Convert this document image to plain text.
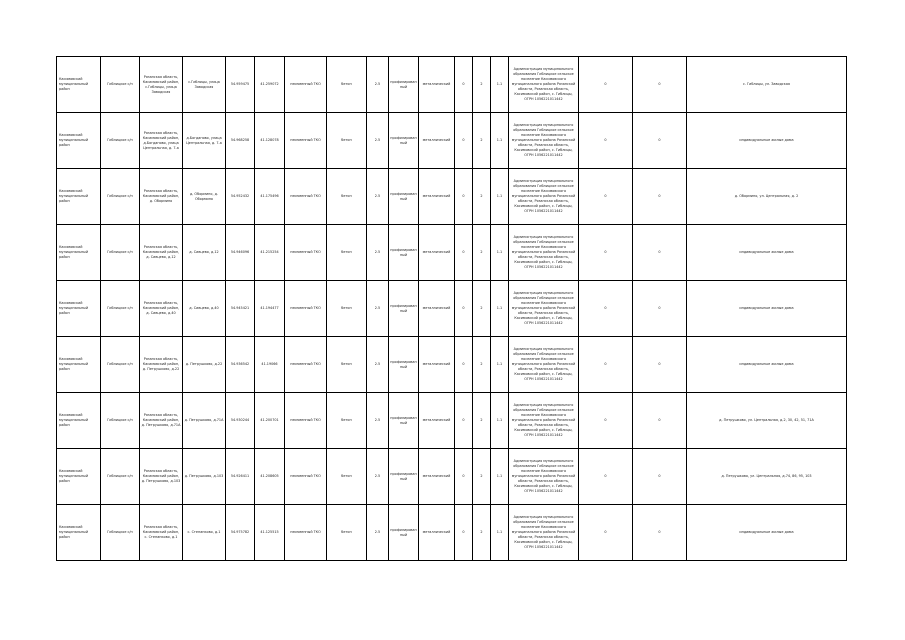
Касимовский муниципальный район	Гиблицкое с/п	Рязанская область, Касимовский район, с.Гиблицы, улица Заводская	с.Гиблицы, улица Заводская	54.959475	41.259072	неизменный ТКО	бетон	2.5	профилированный	металлический	0	2	1.1	Администрация муниципального образования Гиблицкое сельское поселение Касимовского муниципального района Рязанской области, Рязанская область, Касимовский район, с. Гиблицы, ОГРН 1056221011442	0	0	с. Гиблицы, ул. Заводская
Касимовский муниципальный район	Гиблицкое с/п	Рязанская область, Касимовский район, д.Богданово, улица Центральная, д. 7-а	д.Богданово, улица Центральная, д. 7-а	54.968258	41.128078	неизменный ТКО	бетон	2.5	профилированный	металлический	0	2	1.1	Администрация муниципального образования Гиблицкое сельское поселение Касимовского муниципального района Рязанской области, Рязанская область, Касимовский район, с. Гиблицы, ОГРН 1056221011442	0	0	индивидуальные жилые дома
Касимовский муниципальный район	Гиблицкое с/п	Рязанская область, Касимовский район, д. Обормино	д. Обормино, д. Обормино	54.952432	41.175496	неизменный ТКО	бетон	2.5	профилированный	металлический	0	2	1.1	Администрация муниципального образования Гиблицкое сельское поселение Касимовского муниципального района Рязанской области, Рязанская область, Касимовский район, с. Гиблицы, ОГРН 1056221011442	0	0	д. Обормино, ул. Центральная, д. 2
Касимовский муниципальный район	Гиблицкое с/п	Рязанская область, Касимовский район, д. Сивцево, д.12	д. Сивцево, д.12	54.946096	41.215254	неизменный ТКО	бетон	2.5	профилированный	металлический	0	2	1.1	Администрация муниципального образования Гиблицкое сельское поселение Касимовского муниципального района Рязанской области, Рязанская область, Касимовский район, с. Гиблицы, ОГРН 1056221011442	0	0	индивидуальные жилые дома
Касимовский муниципальный район	Гиблицкое с/п	Рязанская область, Касимовский район, д. Сивцево, д.40	д. Сивцево, д.40	54.945421	41.194477	неизменный ТКО	бетон	2.5	профилированный	металлический	0	2	1.1	Администрация муниципального образования Гиблицкое сельское поселение Касимовского муниципального района Рязанской области, Рязанская область, Касимовский район, с. Гиблицы, ОГРН 1056221011442	0	0	индивидуальные жилые дома
Касимовский муниципальный район	Гиблицкое с/п	Рязанская область, Касимовский район, д. Петрушково, д.22	д. Петрушково, д.22	54.936542	41.19066	неизменный ТКО	бетон	2.5	профилированный	металлический	0	2	1.1	Администрация муниципального образования Гиблицкое сельское поселение Касимовского муниципального района Рязанской области, Рязанская область, Касимовский район, с. Гиблицы, ОГРН 1056221011442	0	0	индивидуальные жилые дома
Касимовский муниципальный район	Гиблицкое с/п	Рязанская область, Касимовский район, д. Петрушково, д.71А	д. Петрушково, д.71А	54.930244	41.200701	неизменный ТКО	бетон	2.5	профилированный	металлический	0	2	1.1	Администрация муниципального образования Гиблицкое сельское поселение Касимовского муниципального района Рязанской области, Рязанская область, Касимовский район, с. Гиблицы, ОГРН 1056221011442	0	0	д. Петрушково, ул. Центральная, д.2, 30, 42, 51, 71А
Касимовский муниципальный район	Гиблицкое с/п	Рязанская область, Касимовский район, д. Петрушково, д.103	д. Петрушково, д.103	54.926411	41.208605	неизменный ТКО	бетон	2.5	профилированный	металлический	0	2	1.1	Администрация муниципального образования Гиблицкое сельское поселение Касимовского муниципального района Рязанской области, Рязанская область, Касимовский район, с. Гиблицы, ОГРН 1056221011442	0	0	д. Петрушково, ул. Центральная, д.74, 86, 95, 103
Касимовский муниципальный район	Гиблицкое с/п	Рязанская область, Касимовский район, с. Степанково, д.1	с. Степанково, д.1	54.975782	41.125515	неизменный ТКО	бетон	2.5	профилированный	металлический	0	2	1.1	Администрация муниципального образования Гиблицкое сельское поселение Касимовского муниципального района Рязанской области, Рязанская область, Касимовский район, с. Гиблицы, ОГРН 1056221011442	0	0	индивидуальные жилые дома
